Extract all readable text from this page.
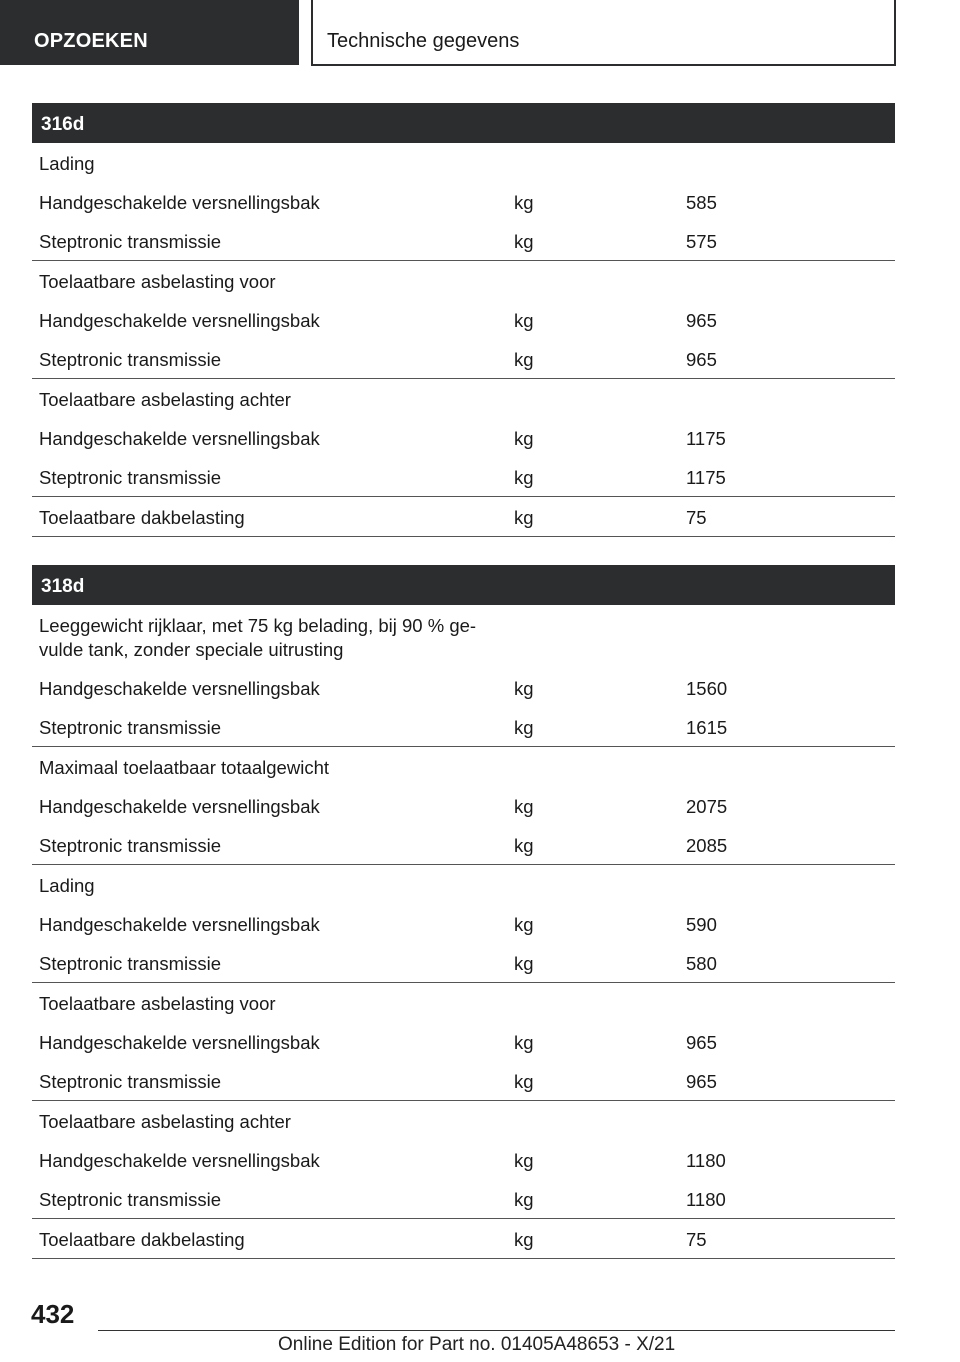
OPZOEKEN	Technische gegevens
316d
Lading
Handgeschakelde versnellingsbak	kg	585
Steptronic transmissie	kg	575
Toelaatbare asbelasting voor
Handgeschakelde versnellingsbak	kg	965
Steptronic transmissie	kg	965
Toelaatbare asbelasting achter
Handgeschakelde versnellingsbak	kg	1175
Steptronic transmissie	kg	1175
Toelaatbare dakbelasting	kg	75
318d
Leeggewicht rijklaar, met 75 kg belading, bij 90 % ge-
vulde tank, zonder speciale uitrusting
Handgeschakelde versnellingsbak	kg	1560
Steptronic transmissie	kg	1615
Maximaal toelaatbaar totaalgewicht
Handgeschakelde versnellingsbak	kg	2075
Steptronic transmissie	kg	2085
Lading
Handgeschakelde versnellingsbak	kg	590
Steptronic transmissie	kg	580
Toelaatbare asbelasting voor
Handgeschakelde versnellingsbak	kg	965
Steptronic transmissie	kg	965
Toelaatbare asbelasting achter
Handgeschakelde versnellingsbak	kg	1180
Steptronic transmissie	kg	1180
Toelaatbare dakbelasting	kg	75
432
Online Edition for Part no. 01405A48653 - X/21
